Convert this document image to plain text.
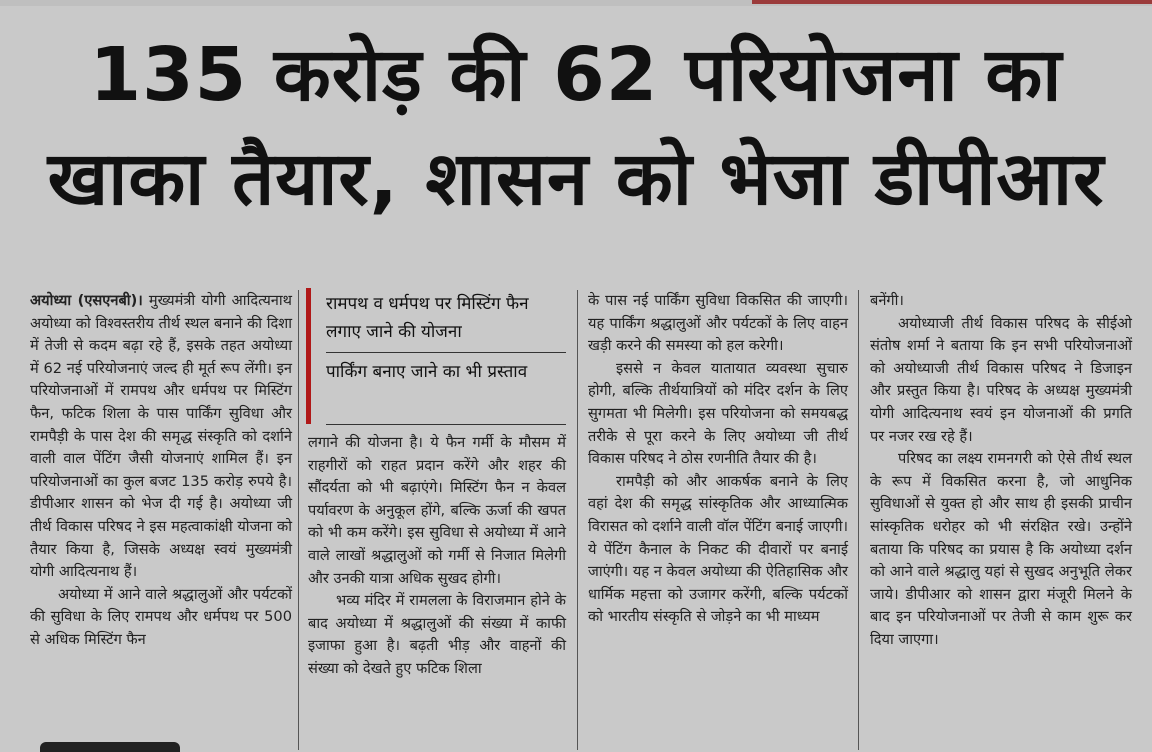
135 करोड़ की 62 परियोजना का
खाका तैयार, शासन को भेजा डीपीआर

अयोध्या (एसएनबी)। मुख्यमंत्री योगी आदित्यनाथ अयोध्या को विश्वस्तरीय तीर्थ स्थल बनाने की दिशा में तेजी से कदम बढ़ा रहे हैं, इसके तहत अयोध्या में 62 नई परियोजनाएं जल्द ही मूर्त रूप लेंगी। इन परियोजनाओं में रामपथ और धर्मपथ पर मिस्टिंग फैन, फटिक शिला के पास पार्किंग सुविधा और रामपैड़ी के पास देश की समृद्ध संस्कृति को दर्शाने वाली वाल पेंटिंग जैसी योजनाएं शामिल हैं। इन परियोजनाओं का कुल बजट 135 करोड़ रुपये है। डीपीआर शासन को भेज दी गई है। अयोध्या जी तीर्थ विकास परिषद ने इस महत्वाकांक्षी योजना को तैयार किया है, जिसके अध्यक्ष स्वयं मुख्यमंत्री योगी आदित्यनाथ हैं।

अयोध्या में आने वाले श्रद्धालुओं और पर्यटकों की सुविधा के लिए रामपथ और धर्मपथ पर 500 से अधिक मिस्टिंग फैन

रामपथ व धर्मपथ पर मिस्टिंग फैन लगाए जाने की योजना
पार्किंग बनाए जाने का भी प्रस्ताव

लगाने की योजना है। ये फैन गर्मी के मौसम में राहगीरों को राहत प्रदान करेंगे और शहर की सौंदर्यता को भी बढ़ाएंगे। मिस्टिंग फैन न केवल पर्यावरण के अनुकूल होंगे, बल्कि ऊर्जा की खपत को भी कम करेंगे। इस सुविधा से अयोध्या में आने वाले लाखों श्रद्धालुओं को गर्मी से निजात मिलेगी और उनकी यात्रा अधिक सुखद होगी।

भव्य मंदिर में रामलला के विराजमान होने के बाद अयोध्या में श्रद्धालुओं की संख्या में काफी इजाफा हुआ है। बढ़ती भीड़ और वाहनों की संख्या को देखते हुए फटिक शिला

के पास नई पार्किंग सुविधा विकसित की जाएगी। यह पार्किंग श्रद्धालुओं और पर्यटकों के लिए वाहन खड़ी करने की समस्या को हल करेगी।

इससे न केवल यातायात व्यवस्था सुचारु होगी, बल्कि तीर्थयात्रियों को मंदिर दर्शन के लिए सुगमता भी मिलेगी। इस परियोजना को समयबद्ध तरीके से पूरा करने के लिए अयोध्या जी तीर्थ विकास परिषद ने ठोस रणनीति तैयार की है।

रामपैड़ी को और आकर्षक बनाने के लिए वहां देश की समृद्ध सांस्कृतिक और आध्यात्मिक विरासत को दर्शाने वाली वॉल पेंटिंग बनाई जाएगी। ये पेंटिंग कैनाल के निकट की दीवारों पर बनाई जाएंगी। यह न केवल अयोध्या की ऐतिहासिक और धार्मिक महत्ता को उजागर करेंगी, बल्कि पर्यटकों को भारतीय संस्कृति से जोड़ने का भी माध्यम

बनेंगी।

अयोध्याजी तीर्थ विकास परिषद के सीईओ संतोष शर्मा ने बताया कि इन सभी परियोजनाओं को अयोध्याजी तीर्थ विकास परिषद ने डिजाइन और प्रस्तुत किया है। परिषद के अध्यक्ष मुख्यमंत्री योगी आदित्यनाथ स्वयं इन योजनाओं की प्रगति पर नजर रख रहे हैं।

परिषद का लक्ष्य रामनगरी को ऐसे तीर्थ स्थल के रूप में विकसित करना है, जो आधुनिक सुविधाओं से युक्त हो और साथ ही इसकी प्राचीन सांस्कृतिक धरोहर को भी संरक्षित रखे। उन्होंने बताया कि परिषद का प्रयास है कि अयोध्या दर्शन को आने वाले श्रद्धालु यहां से सुखद अनुभूति लेकर जाये। डीपीआर को शासन द्वारा मंजूरी मिलने के बाद इन परियोजनाओं पर तेजी से काम शुरू कर दिया जाएगा।
